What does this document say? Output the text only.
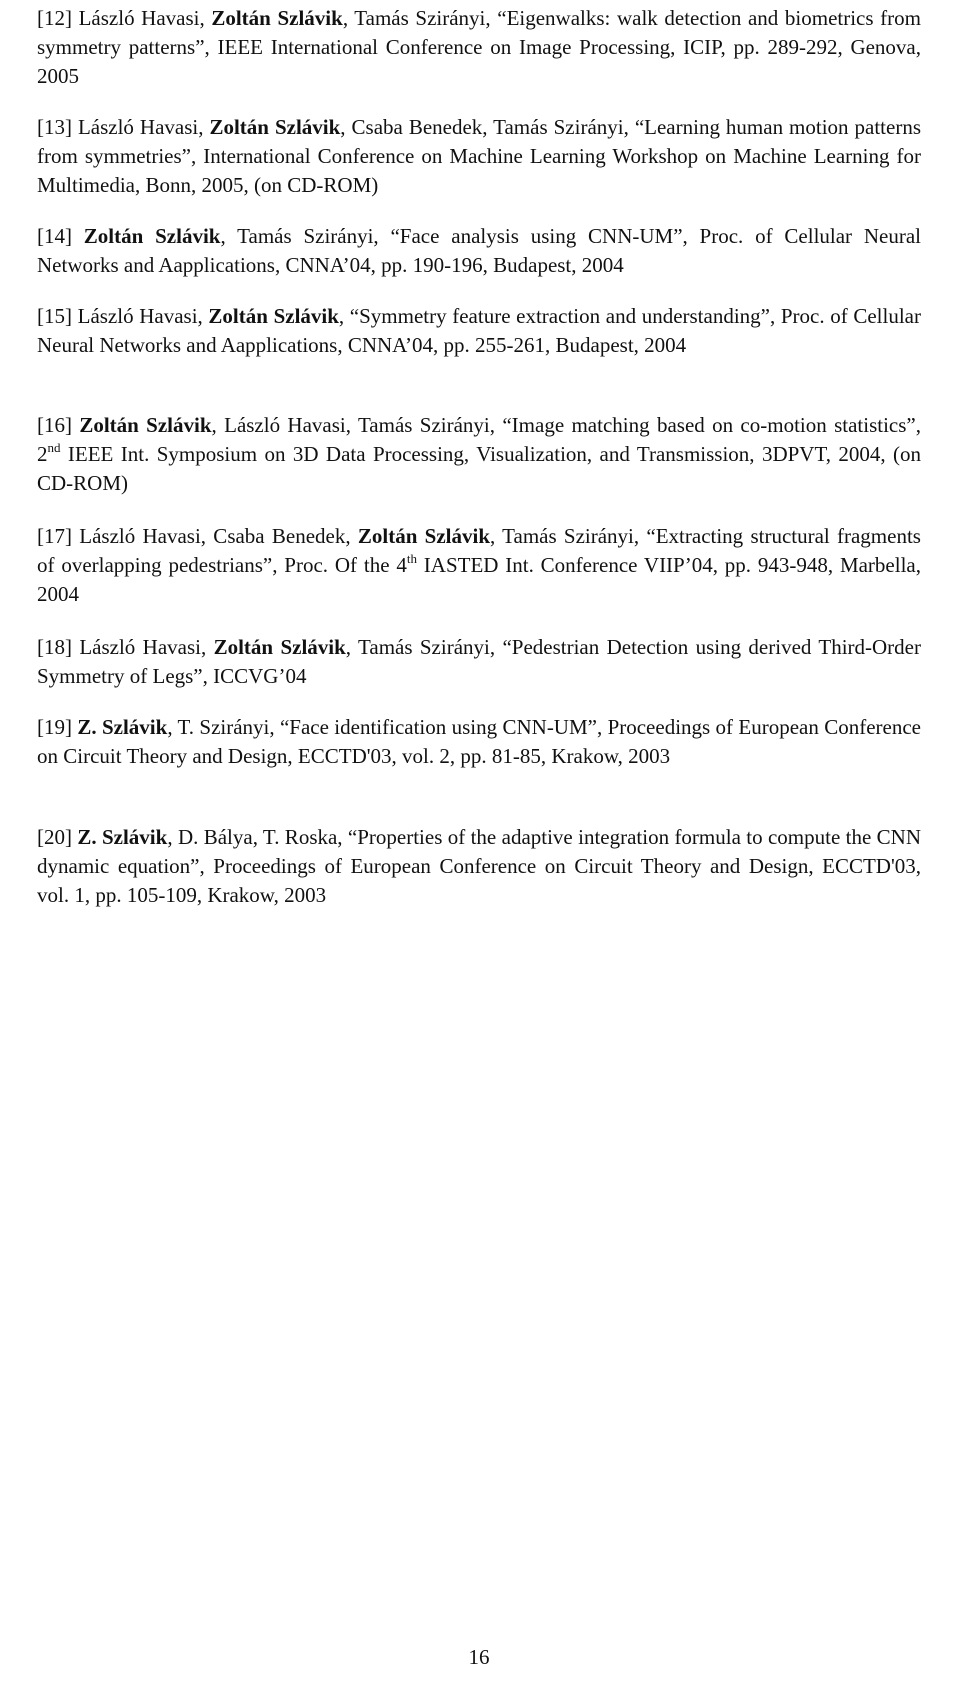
[12] László Havasi, Zoltán Szlávik, Tamás Szirányi, “Eigenwalks: walk detection and biometrics from symmetry patterns”, IEEE International Conference on Image Processing, ICIP, pp. 289-292, Genova, 2005

[13] László Havasi, Zoltán Szlávik, Csaba Benedek, Tamás Szirányi, “Learning human motion patterns from symmetries”, International Conference on Machine Learning Workshop on Machine Learning for Multimedia, Bonn, 2005, (on CD-ROM)

[14] Zoltán Szlávik, Tamás Szirányi, “Face analysis using CNN-UM”, Proc. of Cellular Neural Networks and Aapplications, CNNA’04, pp. 190-196, Budapest, 2004

[15] László Havasi, Zoltán Szlávik, “Symmetry feature extraction and understanding”, Proc. of Cellular Neural Networks and Aapplications, CNNA’04, pp. 255-261, Budapest, 2004

[16] Zoltán Szlávik, László Havasi, Tamás Szirányi, “Image matching based on co-motion statistics”, 2nd IEEE Int. Symposium on 3D Data Processing, Visualization, and Transmission, 3DPVT, 2004, (on CD-ROM)

[17] László Havasi, Csaba Benedek, Zoltán Szlávik, Tamás Szirányi, “Extracting structural fragments of overlapping pedestrians”, Proc. Of the 4th IASTED Int. Conference VIIP’04, pp. 943-948, Marbella, 2004

[18] László Havasi, Zoltán Szlávik, Tamás Szirányi, “Pedestrian Detection using derived Third-Order Symmetry of Legs”, ICCVG’04

[19] Z. Szlávik, T. Szirányi, “Face identification using CNN-UM”, Proceedings of European Conference on Circuit Theory and Design, ECCTD'03, vol. 2, pp. 81-85, Krakow, 2003

[20] Z. Szlávik, D. Bálya, T. Roska, “Properties of the adaptive integration formula to compute the CNN dynamic equation”, Proceedings of European Conference on Circuit Theory and Design, ECCTD'03, vol. 1, pp. 105-109, Krakow, 2003

16
